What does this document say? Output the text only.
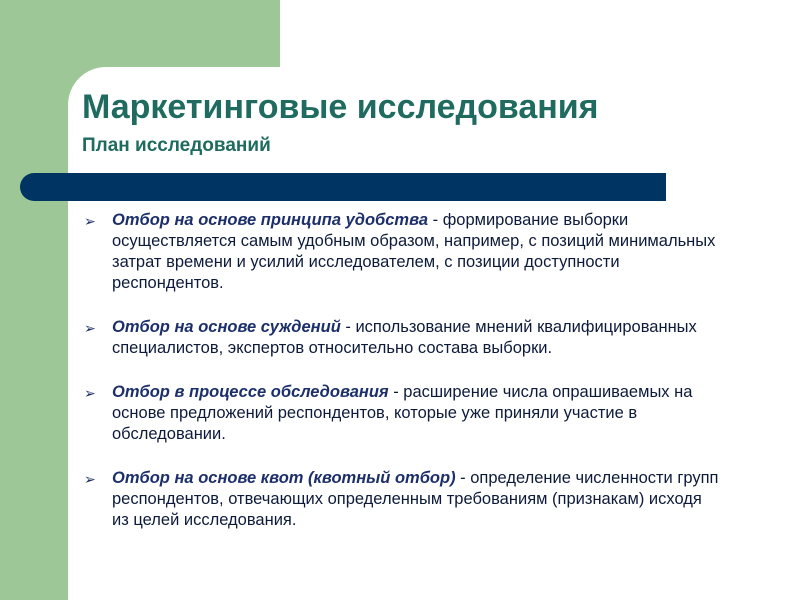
Маркетинговые исследования
План исследований
➢ Отбор на основе принципа удобства - формирование выборки осуществляется самым удобным образом, например, с позиций минимальных затрат времени и усилий исследователем, с позиции доступности респондентов.
➢ Отбор на основе суждений - использование мнений квалифицированных специалистов, экспертов относительно состава выборки.
➢ Отбор в процессе обследования - расширение числа опрашиваемых на основе предложений респондентов, которые уже приняли участие в обследовании.
➢ Отбор на основе квот (квотный отбор) - определение численности групп респондентов, отвечающих определенным требованиям (признакам) исходя из целей исследования.
